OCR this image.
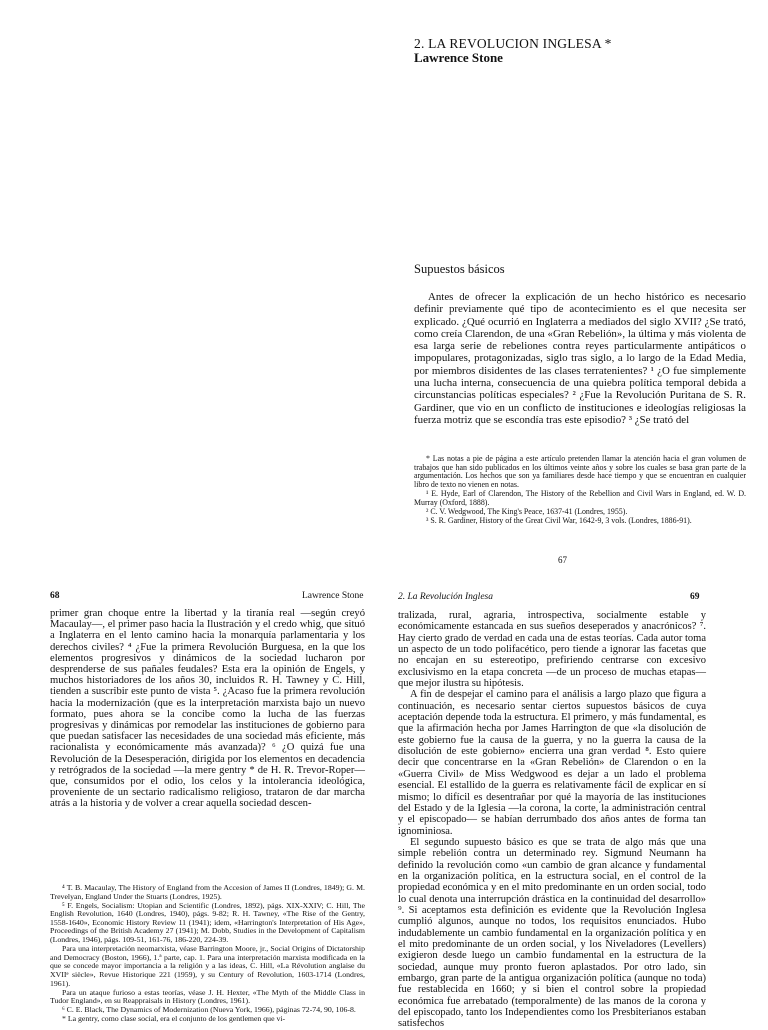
2. LA REVOLUCION INGLESA *
Lawrence Stone
Supuestos básicos

Antes de ofrecer la explicación de un hecho histórico es necesario definir previamente qué tipo de acontecimiento es el que necesita ser explicado. ¿Qué ocurrió en Inglaterra a mediados del siglo XVII? ¿Se trató, como creía Clarendon, de una «Gran Rebelión», la última y más violenta de esa larga serie de rebeliones contra reyes particularmente antipáticos o impopulares, protagonizadas, siglo tras siglo, a lo largo de la Edad Media, por miembros disidentes de las clases terratenientes? ¹ ¿O fue simplemente una lucha interna, consecuencia de una quiebra política temporal debida a circunstancias políticas especiales? ² ¿Fue la Revolución Puritana de S. R. Gardiner, que vio en un conflicto de instituciones e ideologías religiosas la fuerza motriz que se escondía tras este episodio? ³ ¿Se trató del

* Las notas a pie de página a este artículo pretenden llamar la atención hacia el gran volumen de trabajos que han sido publicados en los últimos veinte años y sobre los cuales se basa gran parte de la argumentación. Los hechos que son ya familiares desde hace tiempo y que se encuentran en cualquier libro de texto no vienen en notas.

¹ E. Hyde, Earl of Clarendon, The History of the Rebellion and Civil Wars in England, ed. W. D. Murray (Oxford, 1888).

² C. V. Wedgwood, The King's Peace, 1637-41 (Londres, 1955).

³ S. R. Gardiner, History of the Great Civil War, 1642-9, 3 vols. (Londres, 1886-91).

67
68	Lawrence Stone

primer gran choque entre la libertad y la tiranía real —según creyó Macaulay—, el primer paso hacia la Ilustración y el credo whig, que situó a Inglaterra en el lento camino hacia la monarquía parlamentaria y los derechos civiles? ⁴ ¿Fue la primera Revolución Burguesa, en la que los elementos progresivos y dinámicos de la sociedad lucharon por desprenderse de sus pañales feudales? Esta era la opinión de Engels, y muchos historiadores de los años 30, incluidos R. H. Tawney y C. Hill, tienden a suscribir este punto de vista ⁵. ¿Acaso fue la primera revolución hacia la modernización (que es la interpretación marxista bajo un nuevo formato, pues ahora se la concibe como la lucha de las fuerzas progresivas y dinámicas por remodelar las instituciones de gobierno para que puedan satisfacer las necesidades de una sociedad más eficiente, más racionalista y económicamente más avanzada)? ⁶ ¿O quizá fue una Revolución de la Desesperación, dirigida por los elementos en decadencia y retrógrados de la sociedad —la mere gentry * de H. R. Trevor-Roper— que, consumidos por el odio, los celos y la intolerancia ideológica, proveniente de un sectario radicalismo religioso, trataron de dar marcha atrás a la historia y de volver a crear aquella sociedad descen-

⁴ T. B. Macaulay, The History of England from the Accesion of James II (Londres, 1849); G. M. Trevelyan, England Under the Stuarts (Londres, 1925).

⁵ F. Engels, Socialism: Utopian and Scientific (Londres, 1892), págs. XIX-XXIV; C. Hill, The English Revolution, 1640 (Londres, 1940), págs. 9-82; R. H. Tawney, «The Rise of the Gentry, 1558-1640», Economic History Review 11 (1941); idem, «Harrington's Interpretation of His Age», Proceedings of the British Academy 27 (1941); M. Dobb, Studies in the Development of Capitalism (Londres, 1946), págs. 109-51, 161-76, 186-220, 224-39.

Para una interpretación neomarxista, véase Barrington Moore, jr., Social Origins of Dictatorship and Democracy (Boston, 1966), 1.ª parte, cap. 1. Para una interpretación marxista modificada en la que se concede mayor importancia a la religión y a las ideas, C. Hill, «La Révolution anglaise du XVIIᵉ siècle», Revue Historique 221 (1959), y su Century of Revolution, 1603-1714 (Londres, 1961).

Para un ataque furioso a estas teorías, véase J. H. Hexter, «The Myth of the Middle Class in Tudor England», en su Reappraisals in History (Londres, 1961).

⁶ C. E. Black, The Dynamics of Modernization (Nueva York, 1966), páginas 72-74, 90, 106-8.

* La gentry, como clase social, era el conjunto de los gentlemen que vi-

2. La Revolución Inglesa	69

tralizada, rural, agraria, introspectiva, socialmente estable y económicamente estancada en sus sueños deseperados y anacrónicos? ⁷. Hay cierto grado de verdad en cada una de estas teorías. Cada autor toma un aspecto de un todo polifacético, pero tiende a ignorar las facetas que no encajan en su estereotipo, prefiriendo centrarse con excesivo exclusivismo en la etapa concreta —de un proceso de muchas etapas— que mejor ilustra su hipótesis.

A fin de despejar el camino para el análisis a largo plazo que figura a continuación, es necesario sentar ciertos supuestos básicos de cuya aceptación depende toda la estructura. El primero, y más fundamental, es que la afirmación hecha por James Harrington de que «la disolución de este gobierno fue la causa de la guerra, y no la guerra la causa de la disolución de este gobierno» encierra una gran verdad ⁸. Esto quiere decir que concentrarse en la «Gran Rebelión» de Clarendon o en la «Guerra Civil» de Miss Wedgwood es dejar a un lado el problema esencial. El estallido de la guerra es relativamente fácil de explicar en sí mismo; lo difícil es desentrañar por qué la mayoría de las instituciones del Estado y de la Iglesia —la corona, la corte, la administración central y el episcopado— se habían derrumbado dos años antes de forma tan ignominiosa.

El segundo supuesto básico es que se trata de algo más que una simple rebelión contra un determinado rey. Sigmund Neumann ha definido la revolución como «un cambio de gran alcance y fundamental en la organización política, en la estructura social, en el control de la propiedad económica y en el mito predominante en un orden social, todo lo cual denota una interrupción drástica en la continuidad del desarrollo» ⁹. Si aceptamos esta definición es evidente que la Revolución Inglesa cumplió algunos, aunque no todos, los requisitos enunciados. Hubo indudablemente un cambio fundamental en la organización política y en el mito predominante de un orden social, y los Niveladores (Levellers) exigieron desde luego un cambio fundamental en la estructura de la sociedad, aunque muy pronto fueron aplastados. Por otro lado, sin embargo, gran parte de la antigua organización política (aunque no toda) fue restablecida en 1660; y si bien el control sobre la propiedad económica fue arrebatado (temporalmente) de las manos de la corona y del episcopado, tanto los Independientes como los Presbiterianos estaban satisfechos
